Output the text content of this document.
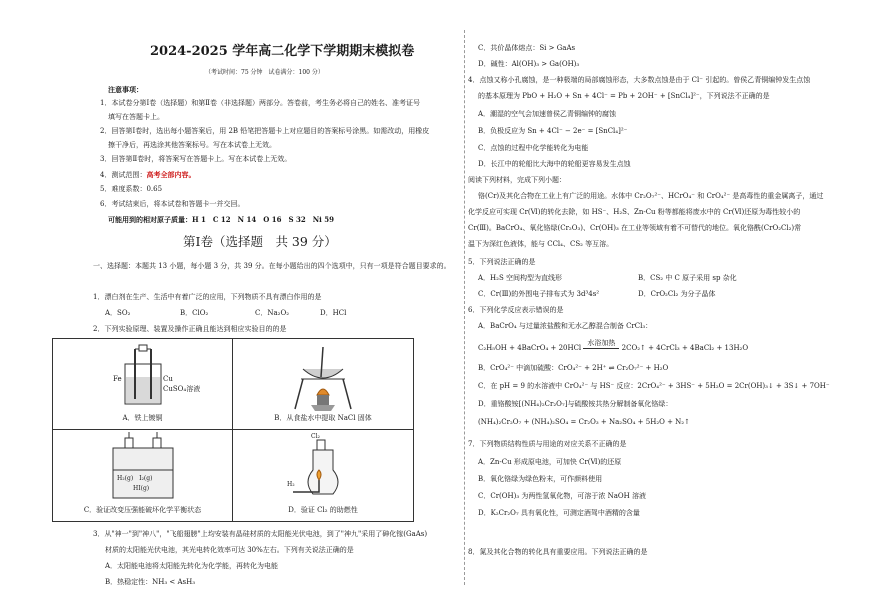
2024-2025 学年高二化学下学期期末模拟卷
（考试时间：75 分钟　试卷满分：100 分）
注意事项：
1．本试卷分第Ⅰ卷（选择题）和第Ⅱ卷（非选择题）两部分。答卷前，考生务必将自己的姓名、准考证号
填写在答题卡上。
2．回答第Ⅰ卷时，选出每小题答案后，用 2B 铅笔把答题卡上对应题目的答案标号涂黑。如需改动，用橡皮
擦干净后，再选涂其他答案标号。写在本试卷上无效。
3．回答第Ⅱ卷时，将答案写在答题卡上。写在本试卷上无效。
4．测试范围：高考全部内容。
5．难度系数：0.65
6．考试结束后，将本试卷和答题卡一并交回。
可能用到的相对原子质量：H 1　C 12　N 14　O 16　S 32　Ni 59
第Ⅰ卷（选择题　共 39 分）
一、选择题：本题共 13 小题，每小题 3 分，共 39 分。在每小题给出的四个选项中，只有一项是符合题目要求的。
1．漂白剂在生产、生活中有着广泛的应用，下列物质不具有漂白作用的是
A．SO₂	B．ClO₂	C．Na₂O₂	D．HCl
2．下列实验原理、装置及操作正确且能达到相应实验目的的是
Fe	Cu
CuSO₄溶液
A．铁上镀铜	B．从食盐水中提取 NaCl 固体
H₂(g)　I₂(g)
HI(g)
C．验证改变压强能破坏化学平衡状态
Cl₂
H₂
D．验证 Cl₂ 的助燃性
3．从"神一"到"神八"，"飞船翅膀"上均安装有晶硅材质的太阳能光伏电池，到了"神九"采用了砷化镓(GaAs)
材质的太阳能光伏电池，其光电转化效率可达 30%左右。下列有关说法正确的是
A．太阳能电池将太阳能先转化为化学能，再转化为电能
B．热稳定性：NH₃ < AsH₃
C．共价晶体熔点：Si > GaAs
D．碱性：Al(OH)₃ > Ga(OH)₃
4．点蚀又称小孔腐蚀，是一种极端的局部腐蚀形态，大多数点蚀是由于 Cl⁻ 引起的。曾侯乙青铜编钟发生点蚀
的基本原理为 PbO + H₂O + Sn + 4Cl⁻ = Pb + 2OH⁻ + [SnCl₄]²⁻，下列说法不正确的是
A．潮湿的空气会加速曾侯乙青铜编钟的腐蚀
B．负极反应为 Sn + 4Cl⁻ − 2e⁻ = [SnCl₄]²⁻
C．点蚀的过程中化学能转化为电能
D．长江中的轮船比大海中的轮船更容易发生点蚀
阅读下列材料，完成下列小题：
铬(Cr)及其化合物在工业上有广泛的用途。水体中 Cr₂O₇²⁻、HCrO₄⁻ 和 CrO₄²⁻ 是高毒性的重金属离子，通过
化学反应可实现 Cr(Ⅵ)的转化去除，如 HS⁻、H₂S、Zn-Cu 粉等都能将废水中的 Cr(Ⅵ)还原为毒性较小的
Cr(Ⅲ)。BaCrO₄、氧化铬绿(Cr₂O₃)、Cr(OH)₃ 在工业等领域有着不可替代的地位。氧化铬酰(CrO₂Cl₂)常
温下为深红色液体，能与 CCl₄、CS₂ 等互溶。
5．下列说法正确的是
A．H₂S 空间构型为直线形	B．CS₂ 中 C 原子采用 sp 杂化
C．Cr(Ⅲ)的外围电子排布式为 3d³4s²	D．CrO₂Cl₂ 为分子晶体
6．下列化学反应表示错误的是
A．BaCrO₄ 与过量浓盐酸和无水乙醇混合制备 CrCl₃：
C₂H₅OH + 4BaCrO₄ + 20HCl 水浴加热 2CO₂↑ + 4CrCl₃ + 4BaCl₂ + 13H₂O
B．CrO₄²⁻ 中滴加硫酸：CrO₄²⁻ + 2H⁺ ⇌ Cr₂O₇²⁻ + H₂O
C．在 pH = 9 的水溶液中 CrO₄²⁻ 与 HS⁻ 反应：2CrO₄²⁻ + 3HS⁻ + 5H₂O = 2Cr(OH)₃↓ + 3S↓ + 7OH⁻
D．重铬酸铵[(NH₄)₂Cr₂O₇]与硫酸铵共热分解制备氧化铬绿：
(NH₄)₂Cr₂O₇ + (NH₄)₂SO₄ = Cr₂O₃ + Na₂SO₄ + 5H₂O + N₂↑
7．下列物质结构性质与用途的对应关系不正确的是
A．Zn-Cu 形成原电池，可加快 Cr(Ⅵ)的还原
B．氧化铬绿为绿色粉末，可作颜料使用
C．Cr(OH)₃ 为两性氢氧化物，可溶于浓 NaOH 溶液
D．K₂Cr₂O₇ 具有氧化性，可测定酒驾中酒精的含量
8．氮及其化合物的转化具有重要应用。下列说法正确的是
